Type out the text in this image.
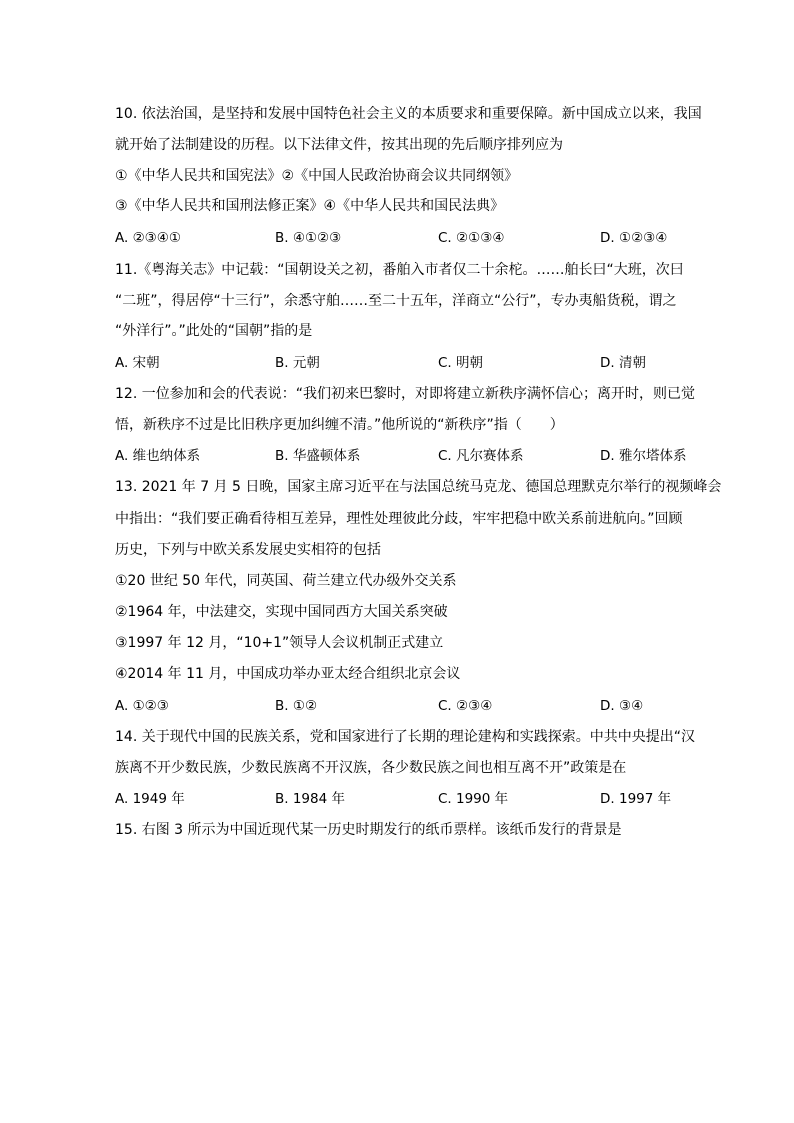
10. 依法治国，是坚持和发展中国特色社会主义的本质要求和重要保障。新中国成立以来，我国
就开始了法制建设的历程。以下法律文件，按其出现的先后顺序排列应为
①《中华人民共和国宪法》②《中国人民政治协商会议共同纲领》
③《中华人民共和国刑法修正案》④《中华人民共和国民法典》
A. ②③④①	B. ④①②③	C. ②①③④	D. ①②③④
11.《粤海关志》中记载：“国朝设关之初，番舶入市者仅二十余柁。……舶长曰“大班，次曰
“二班”，得居停“十三行”，余悉守舶……至二十五年，洋商立“公行”，专办夷船货税，谓之
“外洋行”。”此处的“国朝”指的是
A. 宋朝	B. 元朝	C. 明朝	D. 清朝
12. 一位参加和会的代表说：“我们初来巴黎时，对即将建立新秩序满怀信心；离开时，则已觉
悟，新秩序不过是比旧秩序更加纠缠不清。”他所说的“新秩序”指（　　）
A. 维也纳体系	B. 华盛顿体系	C. 凡尔赛体系	D. 雅尔塔体系
13. 2021 年 7 月 5 日晚，国家主席习近平在与法国总统马克龙、德国总理默克尔举行的视频峰会
中指出：“我们要正确看待相互差异，理性处理彼此分歧，牢牢把稳中欧关系前进航向。”回顾
历史，下列与中欧关系发展史实相符的包括
①20 世纪 50 年代，同英国、荷兰建立代办级外交关系
②1964 年，中法建交，实现中国同西方大国关系突破
③1997 年 12 月，“10+1”领导人会议机制正式建立
④2014 年 11 月，中国成功举办亚太经合组织北京会议
A. ①②③	B. ①②	C. ②③④	D. ③④
14. 关于现代中国的民族关系，党和国家进行了长期的理论建构和实践探索。中共中央提出“汉
族离不开少数民族，少数民族离不开汉族，各少数民族之间也相互离不开”政策是在
A. 1949 年	B. 1984 年	C. 1990 年	D. 1997 年
15. 右图 3 所示为中国近现代某一历史时期发行的纸币票样。该纸币发行的背景是
